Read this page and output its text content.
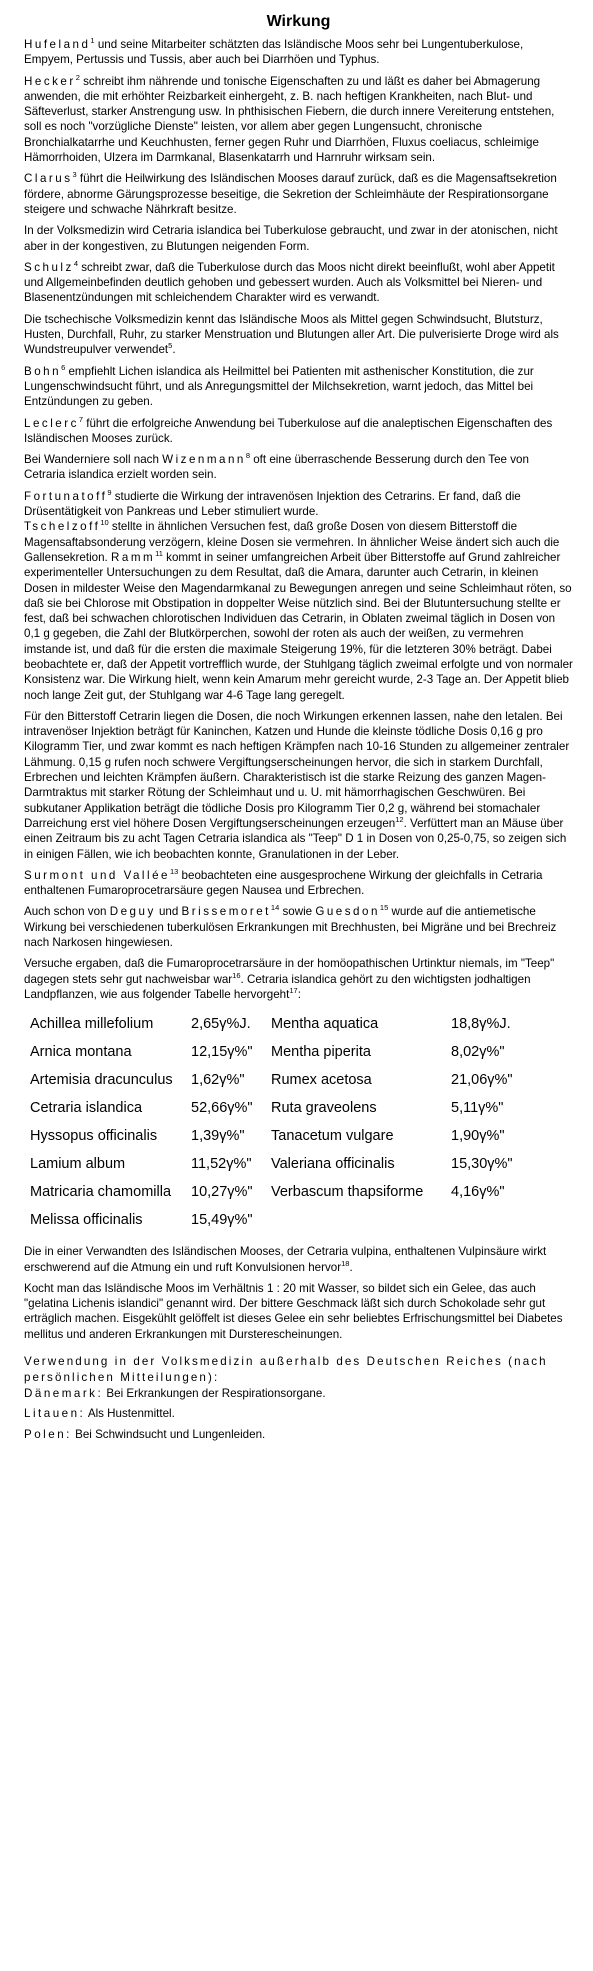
Wirkung

Hufeland$^1$ und seine Mitarbeiter schätzten das Isländische Moos sehr bei Lungentuberkulose, Empyem, Pertussis und Tussis, aber auch bei Diarrhöen und Typhus.

Hecker$^2$ schreibt ihm nährende und tonische Eigenschaften zu und läßt es daher bei Abmagerung anwenden, die mit erhöhter Reizbarkeit einhergeht, z. B. nach heftigen Krankheiten, nach Blut- und Säfteverlust, starker Anstrengung usw. In phthisischen Fiebern, die durch innere Vereiterung entstehen, soll es noch "vorzügliche Dienste" leisten, vor allem aber gegen Lungensucht, chronische Bronchialkatarrhe und Keuchhusten, ferner gegen Ruhr und Diarrhöen, Fluxus coeliacus, schleimige Hämorrhoiden, Ulzera im Darmkanal, Blasenkatarrh und Harnruhr wirksam sein.

Clarus$^3$ führt die Heilwirkung des Isländischen Mooses darauf zurück, daß es die Magensaftsekretion fördere, abnorme Gärungsprozesse beseitige, die Sekretion der Schleimhäute der Respirationsorgane steigere und schwache Nährkraft besitze.

In der Volksmedizin wird Cetraria islandica bei Tuberkulose gebraucht, und zwar in der atonischen, nicht aber in der kongestiven, zu Blutungen neigenden Form.

Schulz$^4$ schreibt zwar, daß die Tuberkulose durch das Moos nicht direkt beeinflußt, wohl aber Appetit und Allgemeinbefinden deutlich gehoben und gebessert wurden. Auch als Volksmittel bei Nieren- und Blasenentzündungen mit schleichendem Charakter wird es verwandt.

Die tschechische Volksmedizin kennt das Isländische Moos als Mittel gegen Schwindsucht, Blutsturz, Husten, Durchfall, Ruhr, zu starker Menstruation und Blutungen aller Art. Die pulverisierte Droge wird als Wundstreupulver verwendet$^5$.

Bohn$^6$ empfiehlt Lichen islandica als Heilmittel bei Patienten mit asthenischer Konstitution, die zur Lungenschwindsucht führt, und als Anregungsmittel der Milchsekretion, warnt jedoch, das Mittel bei Entzündungen zu geben.

Leclerc$^7$ führt die erfolgreiche Anwendung bei Tuberkulose auf die analeptischen Eigenschaften des Isländischen Mooses zurück.

Bei Wanderniere soll nach Wizenmann$^8$ oft eine überraschende Besserung durch den Tee von Cetraria islandica erzielt worden sein.

Fortunatoff$^9$ studierte die Wirkung der intravenösen Injektion des Cetrarins. Er fand, daß die Drüsentätigkeit von Pankreas und Leber stimuliert wurde.
Tschelzoff$^{10}$ stellte in ähnlichen Versuchen fest, daß große Dosen von diesem Bitterstoff die Magensaftabsonderung verzögern, kleine Dosen sie vermehren. In ähnlicher Weise ändert sich auch die Gallensekretion. Ramm$^{11}$ kommt in seiner umfangreichen Arbeit über Bitterstoffe auf Grund zahlreicher experimenteller Untersuchungen zu dem Resultat, daß die Amara, darunter auch Cetrarin, in kleinen Dosen in mildester Weise den Magendarmkanal zu Bewegungen anregen und seine Schleimhaut röten, so daß sie bei Chlorose mit Obstipation in doppelter Weise nützlich sind. Bei der Blutuntersuchung stellte er fest, daß bei schwachen chlorotischen Individuen das Cetrarin, in Oblaten zweimal täglich in Dosen von 0,1 g gegeben, die Zahl der Blutkörperchen, sowohl der roten als auch der weißen, zu vermehren imstande ist, und daß für die ersten die maximale Steigerung 19%, für die letzteren 30% beträgt. Dabei beobachtete er, daß der Appetit vortrefflich wurde, der Stuhlgang täglich zweimal erfolgte und von normaler Konsistenz war. Die Wirkung hielt, wenn kein Amarum mehr gereicht wurde, 2-3 Tage an. Der Appetit blieb noch lange Zeit gut, der Stuhlgang war 4-6 Tage lang geregelt.

Für den Bitterstoff Cetrarin liegen die Dosen, die noch Wirkungen erkennen lassen, nahe den letalen. Bei intravenöser Injektion beträgt für Kaninchen, Katzen und Hunde die kleinste tödliche Dosis 0,16 g pro Kilogramm Tier, und zwar kommt es nach heftigen Krämpfen nach 10-16 Stunden zu allgemeiner zentraler Lähmung. 0,15 g rufen noch schwere Vergiftungserscheinungen hervor, die sich in starkem Durchfall, Erbrechen und leichten Krämpfen äußern. Charakteristisch ist die starke Reizung des ganzen Magen-Darmtraktus mit starker Rötung der Schleimhaut und u. U. mit hämorrhagischen Geschwüren. Bei subkutaner Applikation beträgt die tödliche Dosis pro Kilogramm Tier 0,2 g, während bei stomachaler Darreichung erst viel höhere Dosen Vergiftungserscheinungen erzeugen$^{12}$. Verfüttert man an Mäuse über einen Zeitraum bis zu acht Tagen Cetraria islandica als "Teep" D 1 in Dosen von 0,25-0,75, so zeigen sich in einigen Fällen, wie ich beobachten konnte, Granulationen in der Leber.

Surmont und Vallée$^{13}$ beobachteten eine ausgesprochene Wirkung der gleichfalls in Cetraria enthaltenen Fumaroprocetrarsäure gegen Nausea und Erbrechen.

Auch schon von Deguy und Brissemoret$^{14}$ sowie Guesdon$^{15}$ wurde auf die antiemetische Wirkung bei verschiedenen tuberkulösen Erkrankungen mit Brechhusten, bei Migräne und bei Brechreiz nach Narkosen hingewiesen.

Versuche ergaben, daß die Fumaroprocetrarsäure in der homöopathischen Urtinktur niemals, im "Teep" dagegen stets sehr gut nachweisbar war$^{16}$. Cetraria islandica gehört zu den wichtigsten jodhaltigen Landpflanzen, wie aus folgender Tabelle hervorgeht$^{17}$:

Achillea millefolium	2,65γ%J.	Mentha aquatica	18,8γ%J.
Arnica montana	12,15γ%"	Mentha piperita	8,02γ%"
Artemisia dracunculus	1,62γ%"	Rumex acetosa	21,06γ%"
Cetraria islandica	52,66γ%"	Ruta graveolens	5,11γ%"
Hyssopus officinalis	1,39γ%"	Tanacetum vulgare	1,90γ%"
Lamium album	11,52γ%"	Valeriana officinalis	15,30γ%"
Matricaria chamomilla	10,27γ%"	Verbascum thapsiforme	4,16γ%"
Melissa officinalis	15,49γ%"		

Die in einer Verwandten des Isländischen Mooses, der Cetraria vulpina, enthaltenen Vulpinsäure wirkt erschwerend auf die Atmung ein und ruft Konvulsionen hervor$^{18}$.

Kocht man das Isländische Moos im Verhältnis 1 : 20 mit Wasser, so bildet sich ein Gelee, das auch "gelatina Lichenis islandici" genannt wird. Der bittere Geschmack läßt sich durch Schokolade sehr gut erträglich machen. Eisgekühlt gelöffelt ist dieses Gelee ein sehr beliebtes Erfrischungsmittel bei Diabetes mellitus und anderen Erkrankungen mit Dursterescheinungen.

Verwendung in der Volksmedizin außerhalb des Deutschen Reiches (nach persönlichen Mitteilungen):

Dänemark: Bei Erkrankungen der Respirationsorgane.

Litauen: Als Hustenmittel.

Polen: Bei Schwindsucht und Lungenleiden.
